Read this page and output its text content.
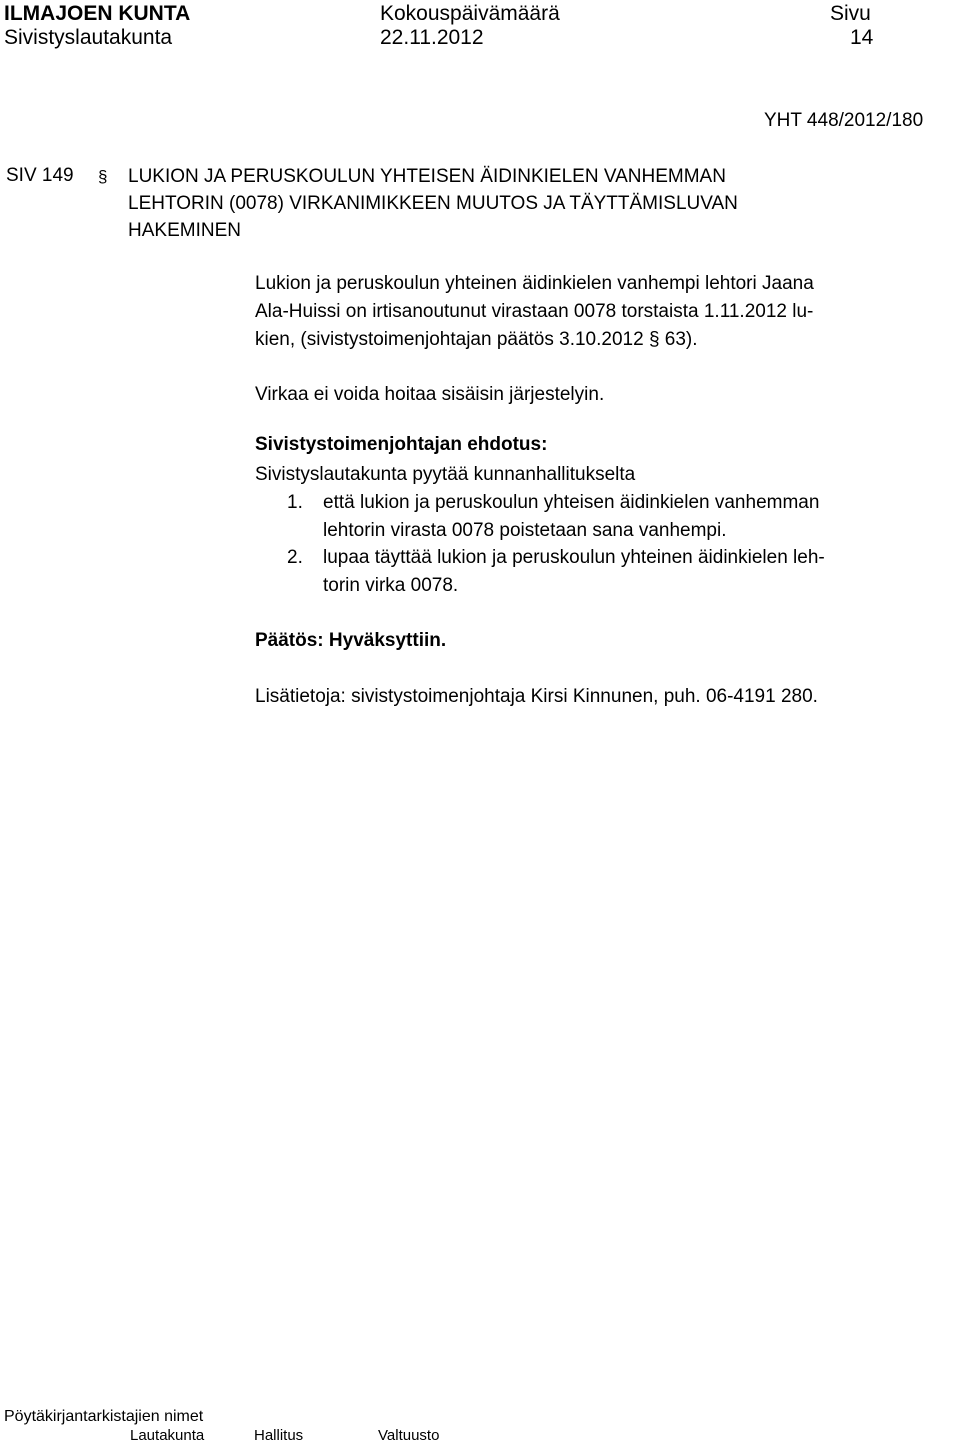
ILMAJOEN KUNTA
Sivistyslautakunta
Kokouspäivämäärä
22.11.2012
Sivu
14
YHT 448/2012/180
SIV 149 § LUKION JA PERUSKOULUN YHTEISEN ÄIDINKIELEN VANHEMMAN
LEHTORIN (0078) VIRKANIMIKKEEN MUUTOS JA TÄYTTÄMISLUVAN
HAKEMINEN
Lukion ja peruskoulun yhteinen äidinkielen vanhempi lehtori Jaana
Ala-Huissi on irtisanoutunut virastaan 0078 torstaista 1.11.2012 lu-
kien, (sivistystoimenjohtajan päätös 3.10.2012 § 63).
Virkaa ei voida hoitaa sisäisin järjestelyin.
Sivistystoimenjohtajan ehdotus:
Sivistyslautakunta pyytää kunnanhallitukselta
1. että lukion ja peruskoulun yhteisen äidinkielen vanhemman
lehtorin virasta 0078 poistetaan sana vanhempi.
2. lupaa täyttää lukion ja peruskoulun yhteinen äidinkielen leh-
torin virka 0078.
Päätös: Hyväksyttiin.
Lisätietoja: sivistystoimenjohtaja Kirsi Kinnunen, puh. 06-4191 280.
Pöytäkirjantarkistajien nimet
Lautakunta	Hallitus	Valtuusto
